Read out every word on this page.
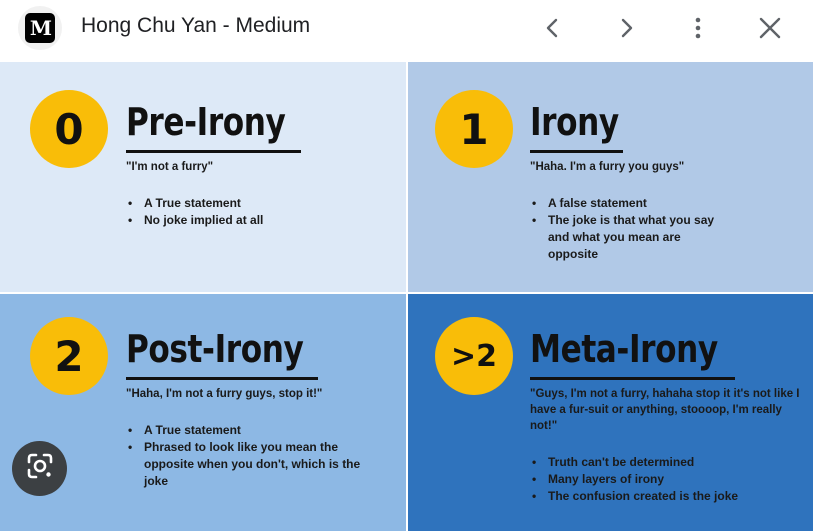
M Hong Chu Yan - Medium
0	Pre-Irony
"I'm not a furry"
• A True statement
• No joke implied at all
1	Irony
"Haha. I'm a furry you guys"
• A false statement
• The joke is that what you say and what you mean are opposite
2	Post-Irony
"Haha, I'm not a furry guys, stop it!"
• A True statement
• Phrased to look like you mean the opposite when you don't, which is the joke
>2 Meta-Irony
"Guys, I'm not a furry, hahaha stop it it's not like I have a fur-suit or anything, stoooop, I'm really not!"
• Truth can't be determined
• Many layers of irony
• The confusion created is the joke
